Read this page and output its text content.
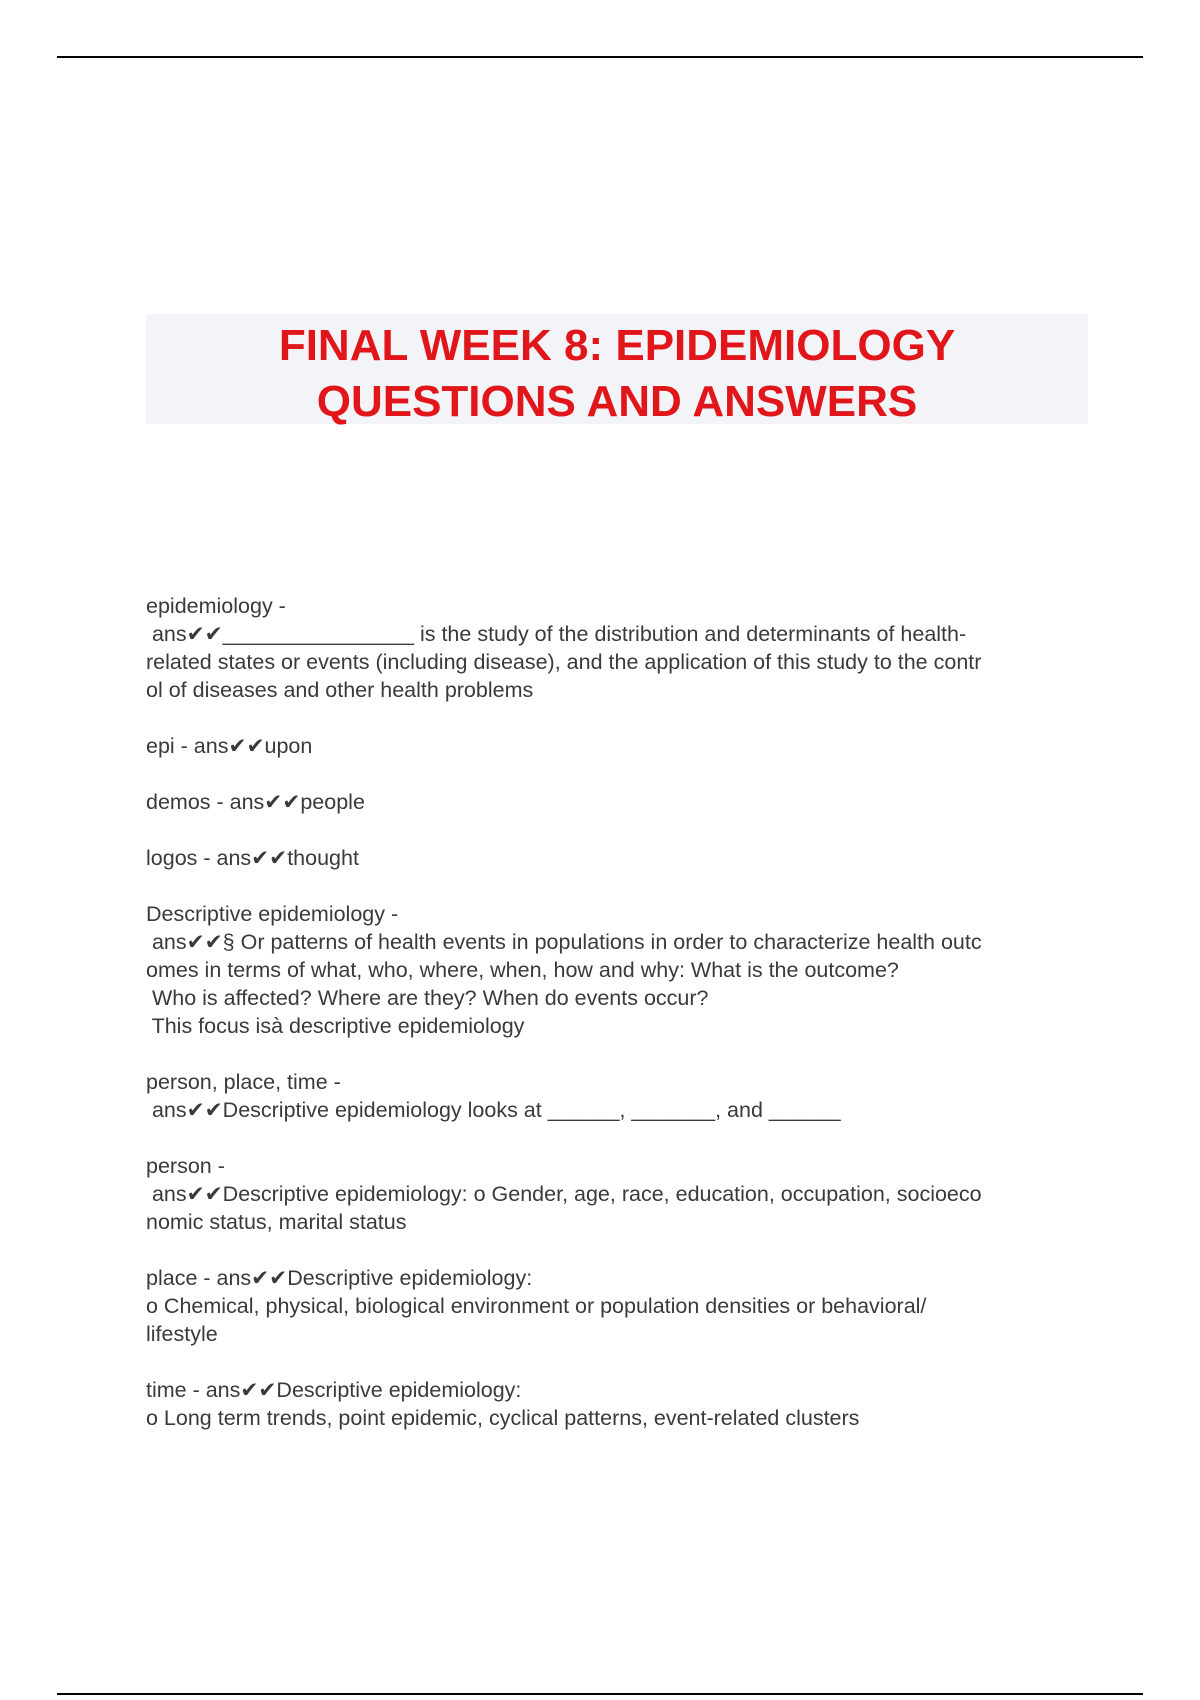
FINAL WEEK 8: EPIDEMIOLOGY
QUESTIONS AND ANSWERS
epidemiology -
ans✔✔________________ is the study of the distribution and determinants of health-
related states or events (including disease), and the application of this study to the contr
ol of diseases and other health problems
epi - ans✔✔upon
demos - ans✔✔people
logos - ans✔✔thought
Descriptive epidemiology -
ans✔✔§ Or patterns of health events in populations in order to characterize health outc
omes in terms of what, who, where, when, how and why: What is the outcome?
Who is affected? Where are they? When do events occur?
This focus isà descriptive epidemiology
person, place, time -
ans✔✔Descriptive epidemiology looks at ______, _______, and ______
person -
ans✔✔Descriptive epidemiology: o Gender, age, race, education, occupation, socioeco
nomic status, marital status
place - ans✔✔Descriptive epidemiology:
o Chemical, physical, biological environment or population densities or behavioral/
lifestyle
time - ans✔✔Descriptive epidemiology:
o Long term trends, point epidemic, cyclical patterns, event-related clusters
